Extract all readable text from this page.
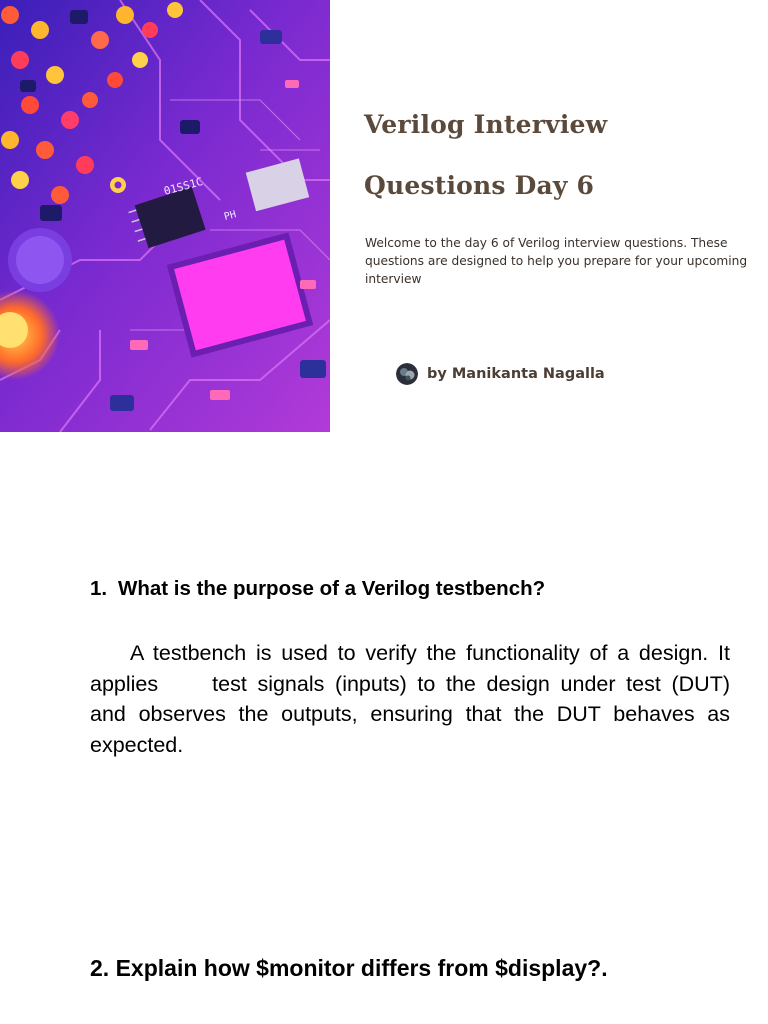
01SS1C
PH
Verilog Interview
Questions Day 6

Welcome to the day 6 of Verilog interview questions. These questions are designed to help you prepare for your upcoming interview

by Manikanta Nagalla
1. What is the purpose of a Verilog testbench?

A testbench is used to verify the functionality of a design. It applies	test signals (inputs) to the design under test (DUT) and observes the outputs, ensuring that the DUT behaves as expected.

2. Explain how $monitor differs from $display?.
